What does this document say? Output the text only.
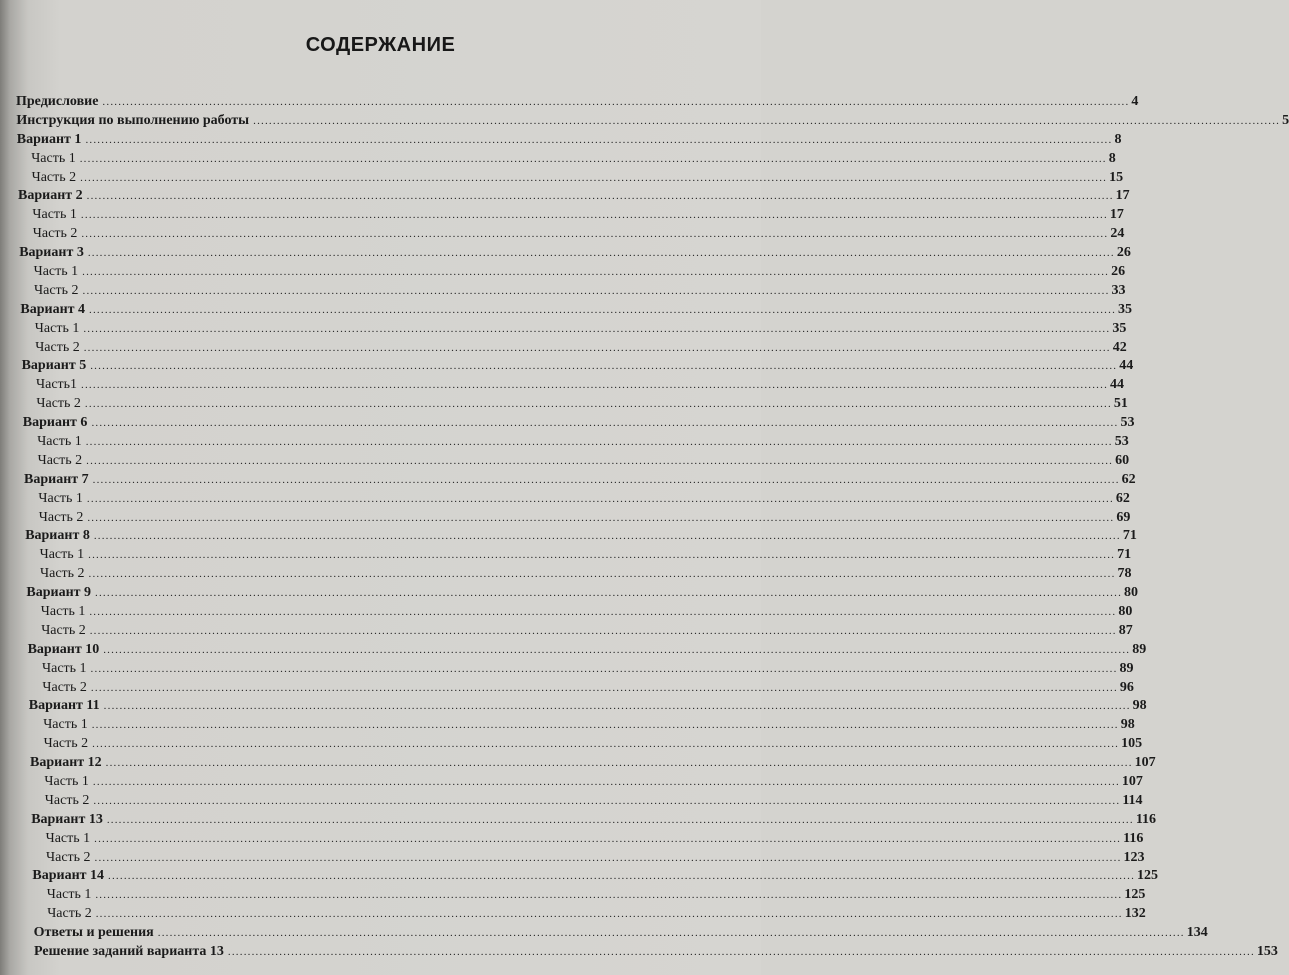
СОДЕРЖАНИЕ
Предисловие .................................................................................................................................................................................................................................................................... 4
Инструкция по выполнению работы .................................................................................................................................................................................................................................................................... 5
Вариант 1 .................................................................................................................................................................................................................................................................... 8
Часть 1 .................................................................................................................................................................................................................................................................... 8
Часть 2 .................................................................................................................................................................................................................................................................... 15
Вариант 2 .................................................................................................................................................................................................................................................................... 17
Часть 1 .................................................................................................................................................................................................................................................................... 17
Часть 2 .................................................................................................................................................................................................................................................................... 24
Вариант 3 .................................................................................................................................................................................................................................................................... 26
Часть 1 .................................................................................................................................................................................................................................................................... 26
Часть 2 .................................................................................................................................................................................................................................................................... 33
Вариант 4 .................................................................................................................................................................................................................................................................... 35
Часть 1 .................................................................................................................................................................................................................................................................... 35
Часть 2 .................................................................................................................................................................................................................................................................... 42
Вариант 5 .................................................................................................................................................................................................................................................................... 44
Часть1 .................................................................................................................................................................................................................................................................... 44
Часть 2 .................................................................................................................................................................................................................................................................... 51
Вариант 6 .................................................................................................................................................................................................................................................................... 53
Часть 1 .................................................................................................................................................................................................................................................................... 53
Часть 2 .................................................................................................................................................................................................................................................................... 60
Вариант 7 .................................................................................................................................................................................................................................................................... 62
Часть 1 .................................................................................................................................................................................................................................................................... 62
Часть 2 .................................................................................................................................................................................................................................................................... 69
Вариант 8 .................................................................................................................................................................................................................................................................... 71
Часть 1 .................................................................................................................................................................................................................................................................... 71
Часть 2 .................................................................................................................................................................................................................................................................... 78
Вариант 9 .................................................................................................................................................................................................................................................................... 80
Часть 1 .................................................................................................................................................................................................................................................................... 80
Часть 2 .................................................................................................................................................................................................................................................................... 87
Вариант 10 .................................................................................................................................................................................................................................................................... 89
Часть 1 .................................................................................................................................................................................................................................................................... 89
Часть 2 .................................................................................................................................................................................................................................................................... 96
Вариант 11 .................................................................................................................................................................................................................................................................... 98
Часть 1 .................................................................................................................................................................................................................................................................... 98
Часть 2 .................................................................................................................................................................................................................................................................... 105
Вариант 12 .................................................................................................................................................................................................................................................................... 107
Часть 1 .................................................................................................................................................................................................................................................................... 107
Часть 2 .................................................................................................................................................................................................................................................................... 114
Вариант 13 .................................................................................................................................................................................................................................................................... 116
Часть 1 .................................................................................................................................................................................................................................................................... 116
Часть 2 .................................................................................................................................................................................................................................................................... 123
Вариант 14 .................................................................................................................................................................................................................................................................... 125
Часть 1 .................................................................................................................................................................................................................................................................... 125
Часть 2 .................................................................................................................................................................................................................................................................... 132
Ответы и решения .................................................................................................................................................................................................................................................................... 134
Решение заданий варианта 13 .................................................................................................................................................................................................................................................................... 153
